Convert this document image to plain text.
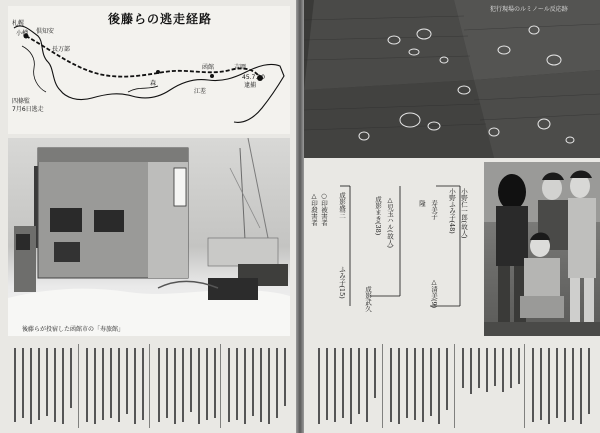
後藤らの逃走経路
札幌
小樽 倶知安
長万部
森
函館	吉岡
江差
四條監
7月6日逃走
45.7.10
逮捕
後藤らが投宿した函館市の「寿旅館」
犯行現場のルミノール反応跡
小野仁一郎(故人)
小野ふみ子(48)
寿美子
隆
△清美(9)
△児玉ハル(故人)
成影まき(38)
成影武久
成影盛三
ふみ子(15)
○印被害者
△印殺害者
